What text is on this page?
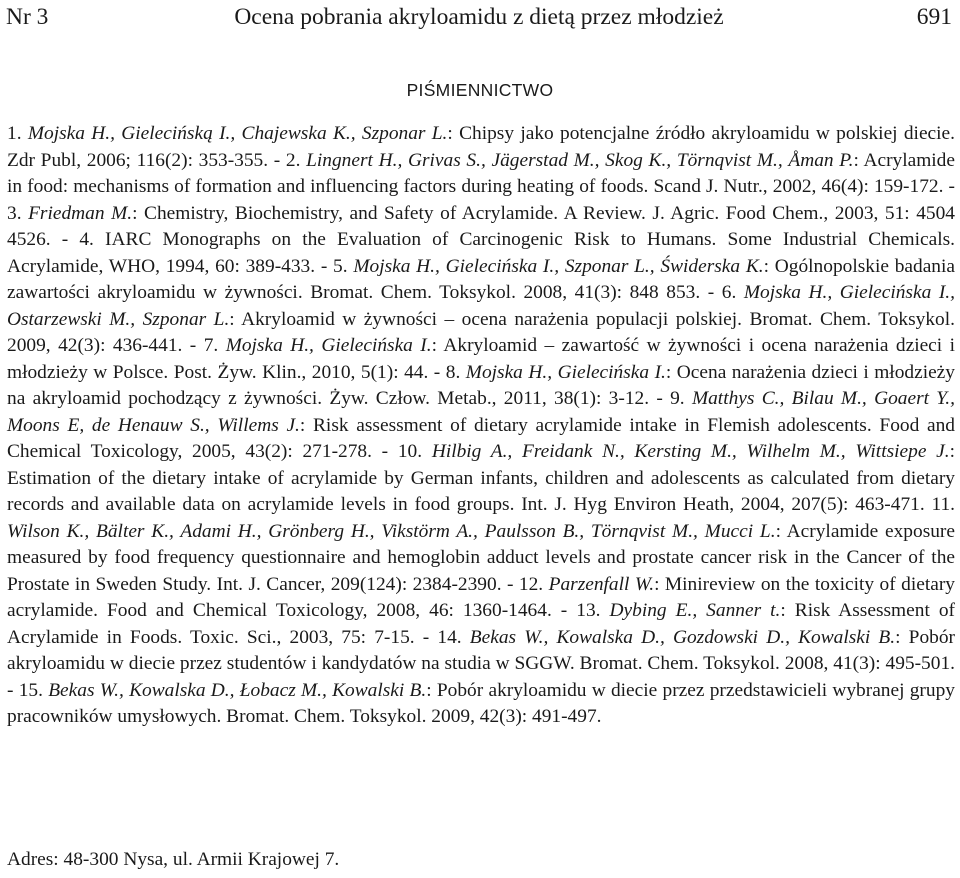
Nr 3	Ocena pobrania akryloamidu z dietą przez młodzież	691
PIŚMIENNICTWO

1. Mojska H., Gielecińską I., Chajewska K., Szponar L.: Chipsy jako potencjalne źródło akryloamidu w polskiej diecie. Zdr Publ, 2006; 116(2): 353-355. - 2. Lingnert H., Grivas S., Jägerstad M., Skog K., Törnqvist M., Åman P.: Acrylamide in food: mechanisms of formation and influencing factors during heating of foods. Scand J. Nutr., 2002, 46(4): 159-172. - 3. Friedman M.: Chemistry, Biochemistry, and Safety of Acrylamide. A Review. J. Agric. Food Chem., 2003, 51: 4504 4526. - 4. IARC Monographs on the Evaluation of Carcinogenic Risk to Humans. Some Industrial Chemicals. Acrylamide, WHO, 1994, 60: 389-433. - 5. Mojska H., Gielecińska I., Szponar L., Świderska K.: Ogólnopolskie badania zawartości akryloamidu w żywności. Bromat. Chem. Toksykol. 2008, 41(3): 848 853. - 6. Mojska H., Gielecińska I., Ostarzewski M., Szponar L.: Akryloamid w żywności – ocena narażenia populacji polskiej. Bromat. Chem. Toksykol. 2009, 42(3): 436-441. - 7. Mojska H., Gielecińska I.: Akryloamid – zawartość w żywności i ocena narażenia dzieci i młodzieży w Polsce. Post. Żyw. Klin., 2010, 5(1): 44. - 8. Mojska H., Gielecińska I.: Ocena narażenia dzieci i młodzieży na akryloamid pochodzący z żywności. Żyw. Człow. Metab., 2011, 38(1): 3-12. - 9. Matthys C., Bilau M., Goaert Y., Moons E, de Henauw S., Willems J.: Risk assessment of dietary acrylamide intake in Flemish adolescents. Food and Chemical Toxicology, 2005, 43(2): 271-278. - 10. Hilbig A., Freidank N., Kersting M., Wilhelm M., Wittsiepe J.: Estimation of the dietary intake of acrylamide by German infants, children and adolescents as calculated from dietary records and available data on acrylamide levels in food groups. Int. J. Hyg Environ Heath, 2004, 207(5): 463-471. 11. Wilson K., Bälter K., Adami H., Grönberg H., Vikstörm A., Paulsson B., Törnqvist M., Mucci L.: Acrylamide exposure measured by food frequency questionnaire and hemoglobin adduct levels and prostate cancer risk in the Cancer of the Prostate in Sweden Study. Int. J. Cancer, 209(124): 2384-2390. - 12. Parzenfall W.: Minireview on the toxicity of dietary acrylamide. Food and Chemical Toxicology, 2008, 46: 1360-1464. - 13. Dybing E., Sanner t.: Risk Assessment of Acrylamide in Foods. Toxic. Sci., 2003, 75: 7-15. - 14. Bekas W., Kowalska D., Gozdowski D., Kowalski B.: Pobór akryloamidu w diecie przez studentów i kandydatów na studia w SGGW. Bromat. Chem. Toksykol. 2008, 41(3): 495-501. - 15. Bekas W., Kowalska D., Łobacz M., Kowalski B.: Pobór akryloamidu w diecie przez przedstawicieli wybranej grupy pracowników umysłowych. Bromat. Chem. Toksykol. 2009, 42(3): 491-497.

Adres: 48-300 Nysa, ul. Armii Krajowej 7.
